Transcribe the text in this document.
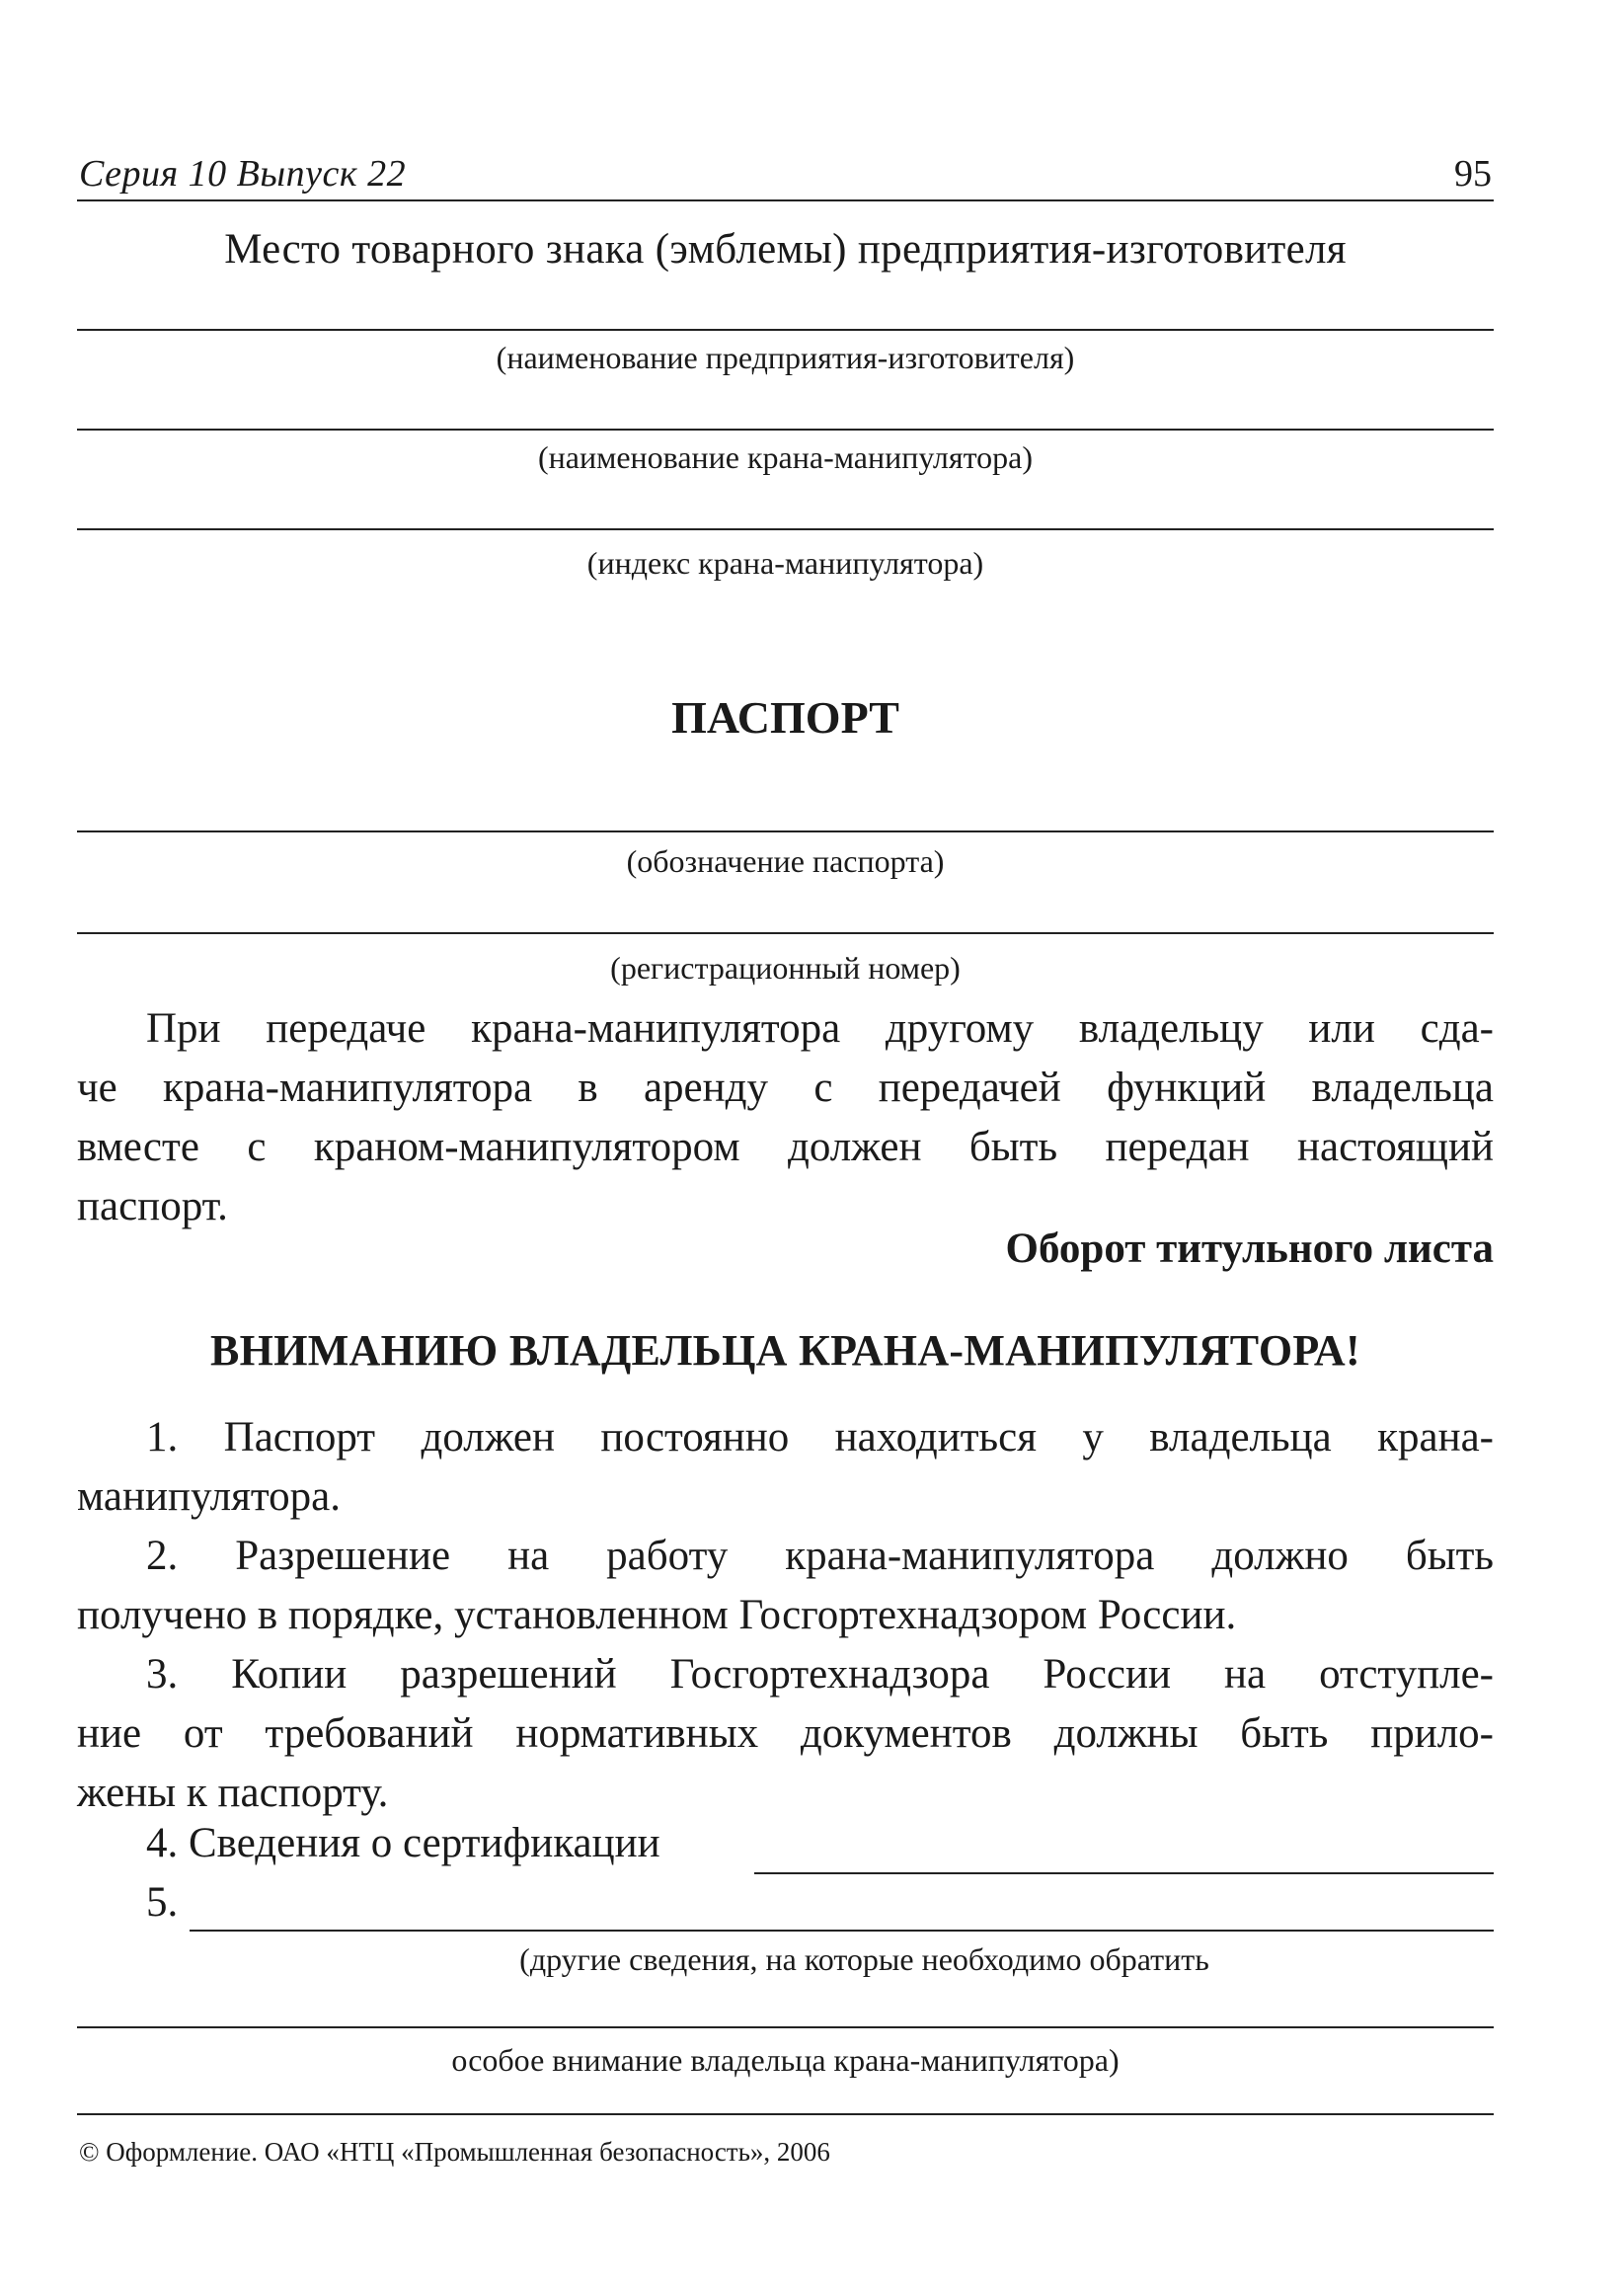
Серия 10 Выпуск 22	95
Место товарного знака (эмблемы) предприятия-изготовителя
(наименование предприятия-изготовителя)
(наименование крана-манипулятора)
(индекс крана-манипулятора)
ПАСПОРТ
(обозначение паспорта)
(регистрационный номер)
При передаче крана-манипулятора другому владельцу или сда-
че крана-манипулятора в аренду с передачей функций владельца
вместе с краном-манипулятором должен быть передан настоящий
паспорт.
Оборот титульного листа
ВНИМАНИЮ ВЛАДЕЛЬЦА КРАНА-МАНИПУЛЯТОРА!
1. Паспорт должен постоянно находиться у владельца крана-
манипулятора.
2. Разрешение на работу крана-манипулятора должно быть
получено в порядке, установленном Госгортехнадзором России.
3. Копии разрешений Госгортехнадзора России на отступле-
ние от требований нормативных документов должны быть прило-
жены к паспорту.
4. Сведения о сертификации
5.
(другие сведения, на которые необходимо обратить
особое внимание владельца крана-манипулятора)
© Оформление. ОАО «НТЦ «Промышленная безопасность», 2006
